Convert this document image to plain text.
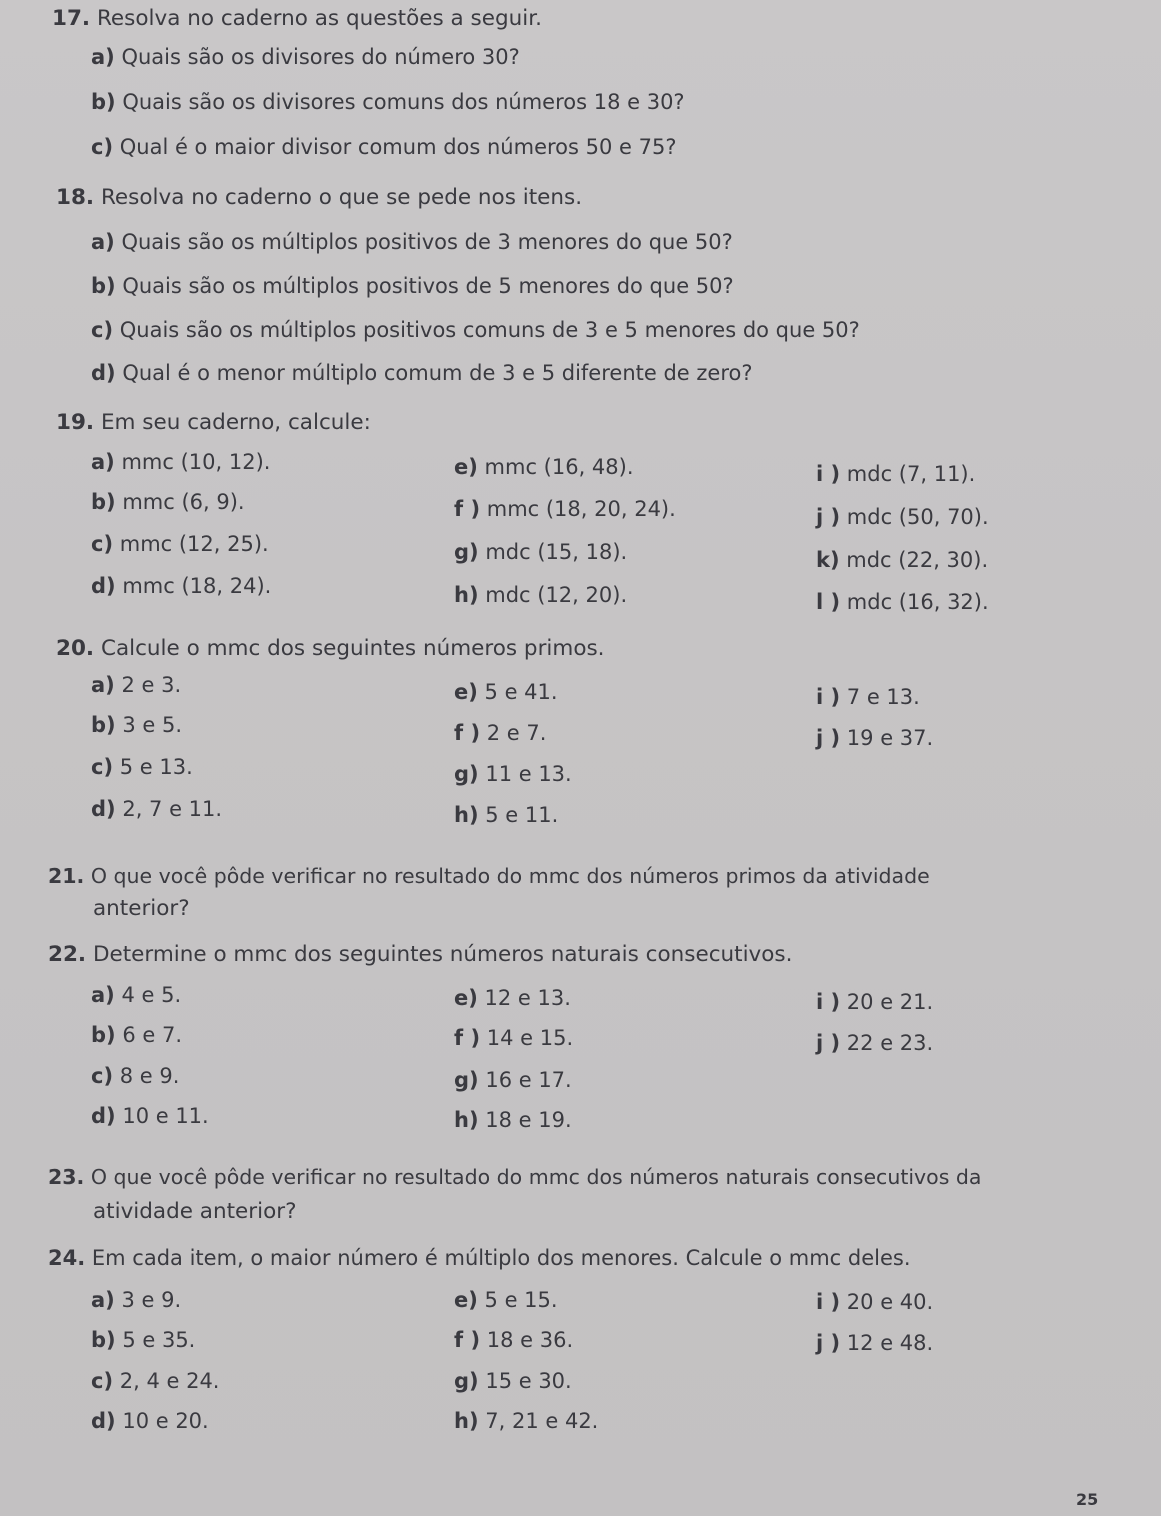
17. Resolva no caderno as questões a seguir.
a) Quais são os divisores do número 30?
b) Quais são os divisores comuns dos números 18 e 30?
c) Qual é o maior divisor comum dos números 50 e 75?
18. Resolva no caderno o que se pede nos itens.
a) Quais são os múltiplos positivos de 3 menores do que 50?
b) Quais são os múltiplos positivos de 5 menores do que 50?
c) Quais são os múltiplos positivos comuns de 3 e 5 menores do que 50?
d) Qual é o menor múltiplo comum de 3 e 5 diferente de zero?
19. Em seu caderno, calcule:
a) mmc (10, 12).	e) mmc (16, 48).	i ) mdc (7, 11).
b) mmc (6, 9).	f ) mmc (18, 20, 24).	j ) mdc (50, 70).
c) mmc (12, 25).	g) mdc (15, 18).	k) mdc (22, 30).
d) mmc (18, 24).	h) mdc (12, 20).	l ) mdc (16, 32).
20. Calcule o mmc dos seguintes números primos.
a) 2 e 3.	e) 5 e 41.	i ) 7 e 13.
b) 3 e 5.	f ) 2 e 7.	j ) 19 e 37.
c) 5 e 13.	g) 11 e 13.
d) 2, 7 e 11.	h) 5 e 11.
21. O que você pôde verificar no resultado do mmc dos números primos da atividade
anterior?
22. Determine o mmc dos seguintes números naturais consecutivos.
a) 4 e 5.	e) 12 e 13.	i ) 20 e 21.
b) 6 e 7.	f ) 14 e 15.	j ) 22 e 23.
c) 8 e 9.	g) 16 e 17.
d) 10 e 11.	h) 18 e 19.
23. O que você pôde verificar no resultado do mmc dos números naturais consecutivos da
atividade anterior?
24. Em cada item, o maior número é múltiplo dos menores. Calcule o mmc deles.
a) 3 e 9.	e) 5 e 15.	i ) 20 e 40.
b) 5 e 35.	f ) 18 e 36.	j ) 12 e 48.
c) 2, 4 e 24.	g) 15 e 30.
d) 10 e 20.	h) 7, 21 e 42.
25
